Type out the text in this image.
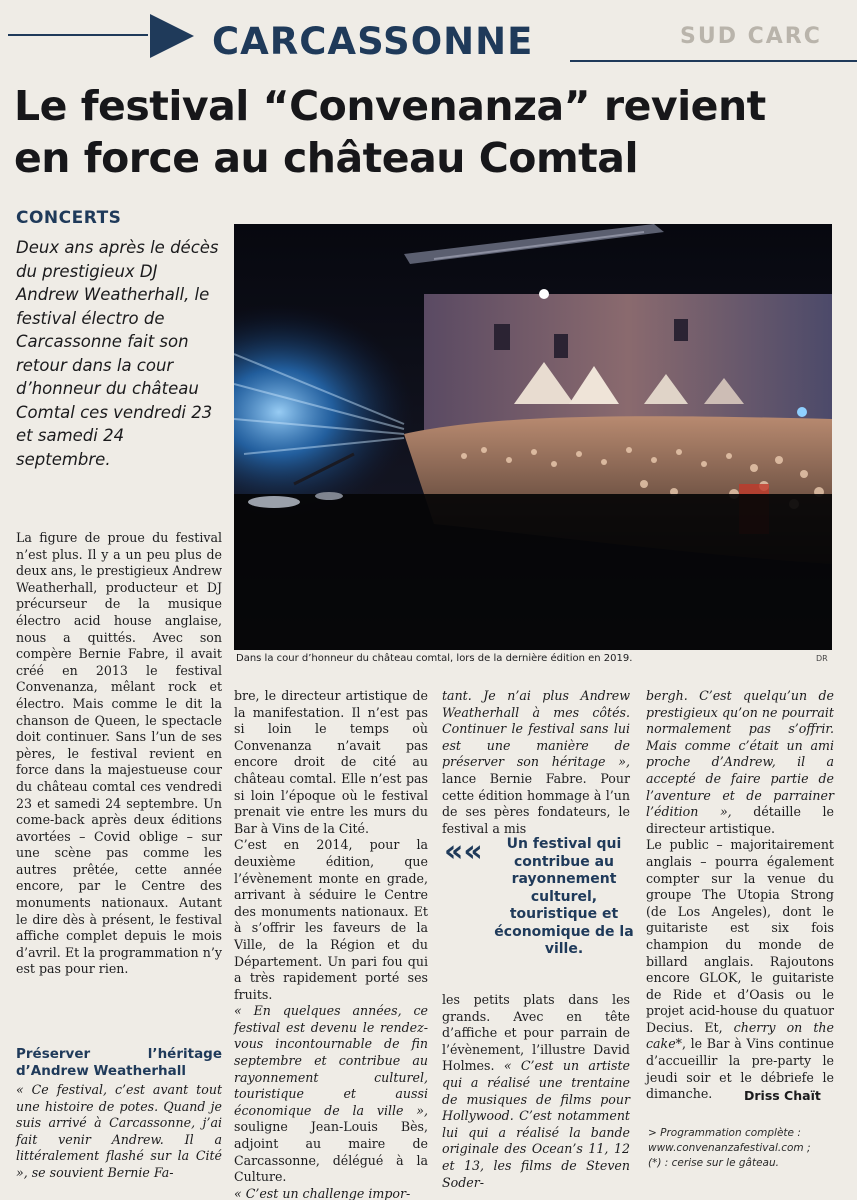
CARCASSONNE	SUD CARC
Le festival “Convenanza” revient en force au château Comtal
CONCERTS

Deux ans après le décès du prestigieux DJ Andrew Weatherhall, le festival électro de Carcassonne fait son retour dans la cour d’honneur du château Comtal ces vendredi 23 et samedi 24 septembre.

Dans la cour d’honneur du château comtal, lors de la dernière édition en 2019.	DR

La figure de proue du festival n’est plus. Il y a un peu plus de deux ans, le prestigieux Andrew Weatherhall, producteur et DJ précurseur de la musique électro acid house anglaise, nous a quittés. Avec son compère Bernie Fabre, il avait créé en 2013 le festival Convenanza, mêlant rock et électro. Mais comme le dit la chanson de Queen, le spectacle doit continuer. Sans l’un de ses pères, le festival revient en force dans la majestueuse cour du château comtal ces vendredi 23 et samedi 24 septembre. Un come-back après deux éditions avortées – Covid oblige – sur une scène pas comme les autres prêtée, cette année encore, par le Centre des monuments nationaux. Autant le dire dès à présent, le festival affiche complet depuis le mois d’avril. Et la programmation n’y est pas pour rien.

Préserver l’héritage d’Andrew Weatherhall

« Ce festival, c’est avant tout une histoire de potes. Quand je suis arrivé à Carcassonne, j’ai fait venir Andrew. Il a littéralement flashé sur la Cité », se souvient Bernie Fa-

bre, le directeur artistique de la manifestation. Il n’est pas si loin le temps où Convenanza n’avait pas encore droit de cité au château comtal. Elle n’est pas si loin l’époque où le festival prenait vie entre les murs du Bar à Vins de la Cité.

C’est en 2014, pour la deuxième édition, que l’évènement monte en grade, arrivant à séduire le Centre des monuments nationaux. Et à s’offrir les faveurs de la Ville, de la Région et du Département. Un pari fou qui a très rapidement porté ses fruits.

« En quelques années, ce festival est devenu le rendez-vous incontournable de fin septembre et contribue au rayonnement culturel, touristique et aussi économique de la ville », souligne Jean-Louis Bès, adjoint au maire de Carcassonne, délégué à la Culture.

« C’est un challenge impor-

tant. Je n’ai plus Andrew Weatherhall à mes côtés. Continuer le festival sans lui est une manière de préserver son héritage », lance Bernie Fabre. Pour cette édition hommage à l’un de ses pères fondateurs, le festival a mis

««	Un festival qui contribue au rayonnement culturel, touristique et économique de la ville.

les petits plats dans les grands. Avec en tête d’affiche et pour parrain de l’évènement, l’illustre David Holmes. « C’est un artiste qui a réalisé une trentaine de musiques de films pour Hollywood. C’est notamment lui qui a réalisé la bande originale des Ocean’s 11, 12 et 13, les films de Steven Soder-

bergh. C’est quelqu’un de prestigieux qu’on ne pourrait normalement pas s’offrir. Mais comme c’était un ami proche d’Andrew, il a accepté de faire partie de l’aventure et de parrainer l’édition », détaille le directeur artistique.

Le public – majoritairement anglais – pourra également compter sur la venue du groupe The Utopia Strong (de Los Angeles), dont le guitariste est six fois champion du monde de billard anglais. Rajoutons encore GLOK, le guitariste de Ride et d’Oasis ou le projet acid-house du quatuor Decius. Et, cherry on the cake*, le Bar à Vins continue d’accueillir la pre-party le jeudi soir et le débriefe le dimanche.	Driss Chaït
> Programmation complète : www.convenanzafestival.com ;
(*) : cerise sur le gâteau.
